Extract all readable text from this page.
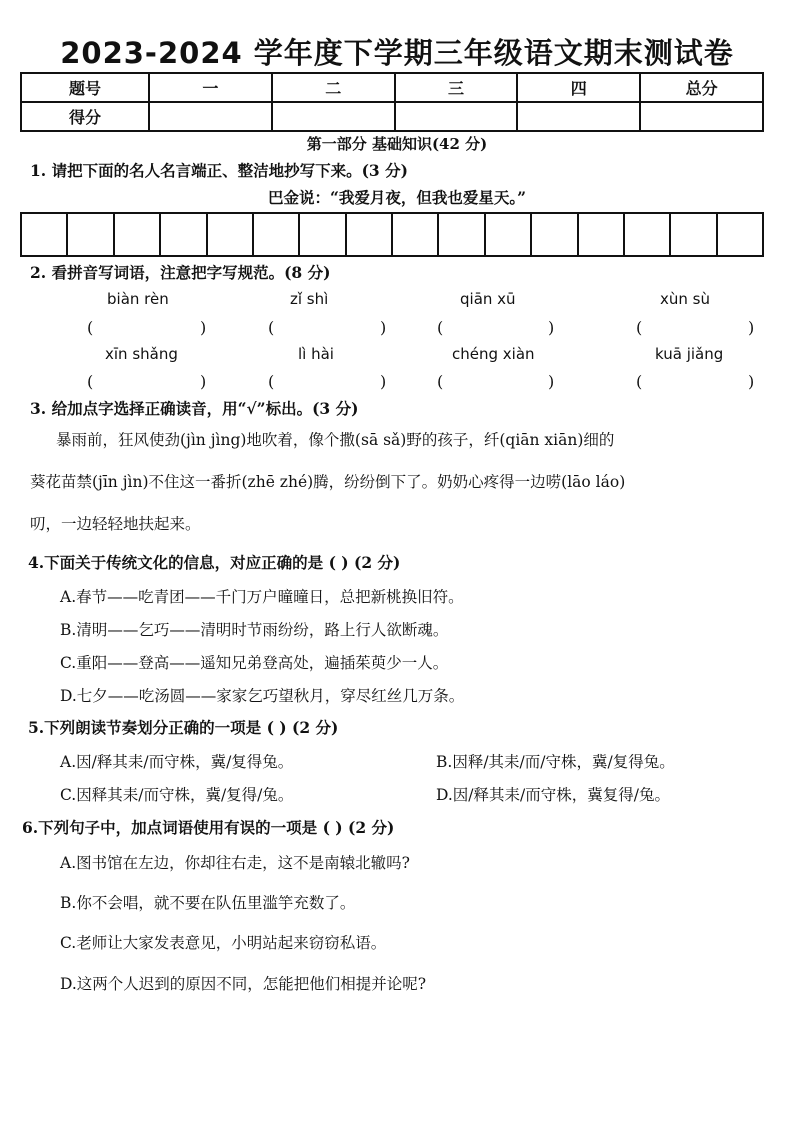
2023-2024 学年度下学期三年级语文期末测试卷
题号	一	二	三	四	总分
得分					
第一部分 基础知识(42 分)
1. 请把下面的名人名言端正、整洁地抄写下来。(3 分)
巴金说：“我爱月夜，但我也爱星天。”
2. 看拼音写词语，注意把字写规范。(8 分)
biàn rèn	zǐ shì	qiān xū	xùn sù
(	)	(	)	(	)	(	)
xīn shǎng	lì hài	chéng xiàn	kuā jiǎng
(	)	(	)	(	)	(	)
3. 给加点字选择正确读音，用“√”标出。(3 分)
暴雨前，狂风使劲(jìn jìng)地吹着，像个撒(sā sǎ)野的孩子，纤(qiān xiān)细的
葵花苗禁(jīn jìn)不住这一番折(zhē zhé)腾，纷纷倒下了。奶奶心疼得一边唠(lāo láo)
叨，一边轻轻地扶起来。
4.下面关于传统文化的信息，对应正确的是 ( ) (2 分)
A.春节——吃青团——千门万户曈曈日，总把新桃换旧符。
B.清明——乞巧——清明时节雨纷纷，路上行人欲断魂。
C.重阳——登高——遥知兄弟登高处，遍插茱萸少一人。
D.七夕——吃汤圆——家家乞巧望秋月，穿尽红丝几万条。
5.下列朗读节奏划分正确的一项是 ( ) (2 分)
A.因/释其耒/而守株，冀/复得兔。	B.因释/其耒/而/守株，冀/复得兔。
C.因释其耒/而守株，冀/复得/兔。	D.因/释其耒/而守株，冀复得/兔。
6.下列句子中，加点词语使用有误的一项是 ( ) (2 分)
A.图书馆在左边，你却往右走，这不是南辕北辙吗?
B.你不会唱，就不要在队伍里滥竽充数了。
C.老师让大家发表意见，小明站起来窃窃私语。
D.这两个人迟到的原因不同，怎能把他们相提并论呢?
